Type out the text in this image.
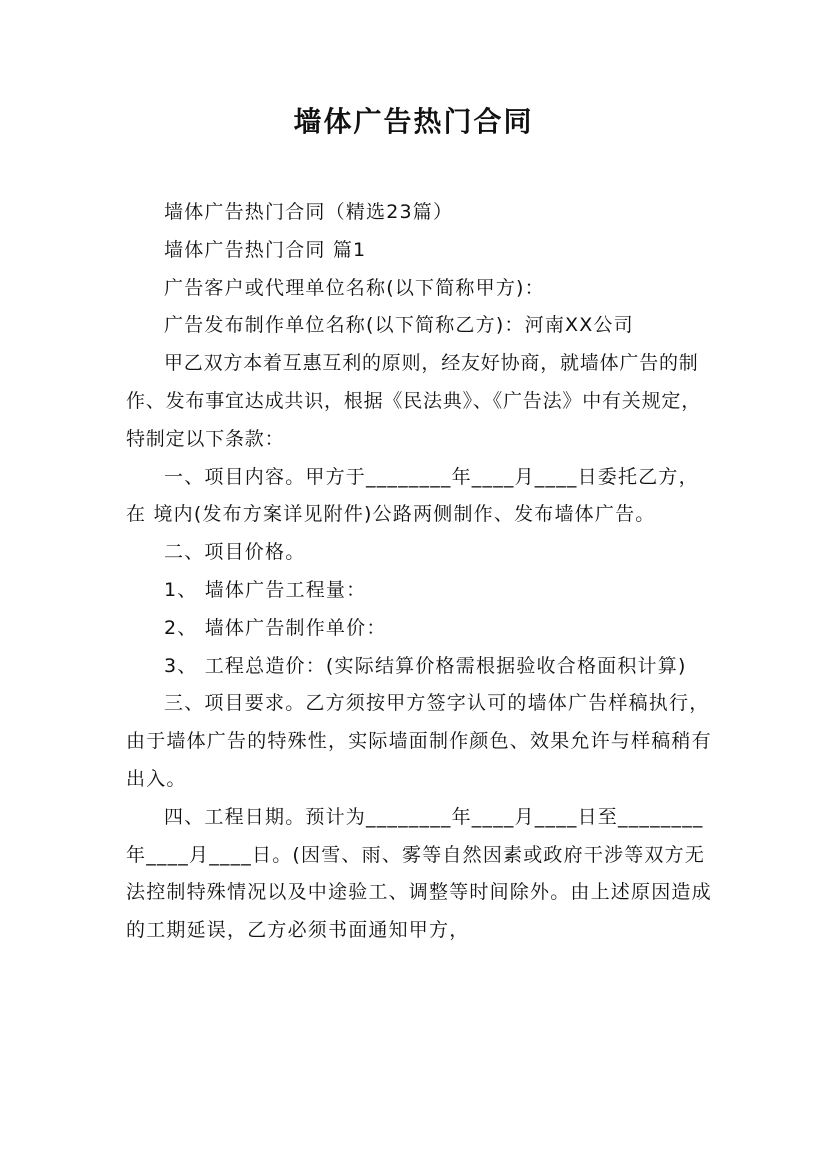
墙体广告热门合同

墙体广告热门合同（精选23篇）

墙体广告热门合同 篇1

广告客户或代理单位名称(以下简称甲方)：

广告发布制作单位名称(以下简称乙方)：河南XX公司

甲乙双方本着互惠互利的原则，经友好协商，就墙体广告的制作、发布事宜达成共识，根据《民法典》、《广告法》中有关规定，特制定以下条款：

一、项目内容。甲方于________年____月____日委托乙方，在 境内(发布方案详见附件)公路两侧制作、发布墙体广告。

二、项目价格。

1、 墙体广告工程量：

2、 墙体广告制作单价：

3、 工程总造价：(实际结算价格需根据验收合格面积计算)

三、项目要求。乙方须按甲方签字认可的墙体广告样稿执行，由于墙体广告的特殊性，实际墙面制作颜色、效果允许与样稿稍有出入。

四、工程日期。预计为________年____月____日至________年____月____日。(因雪、雨、雾等自然因素或政府干涉等双方无法控制特殊情况以及中途验工、调整等时间除外。由上述原因造成的工期延误，乙方必须书面通知甲方，
